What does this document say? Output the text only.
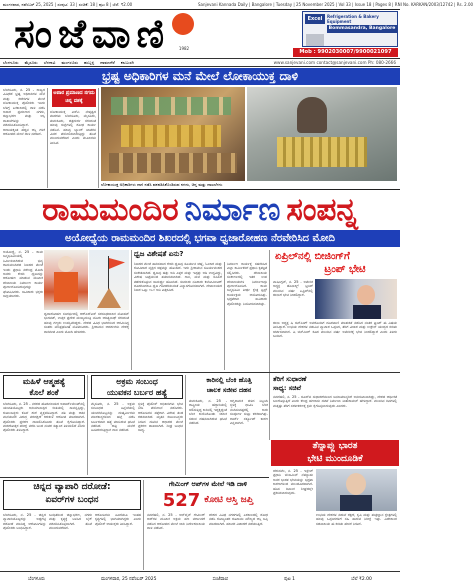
ಮಂಗಳವಾರ, ನವೆಂಬರ್ 25, 2025 | ಸಂಪುಟ: 33 | ಸಂಚಿಕೆ: 18 | ಪುಟ 8 | ಬೆಲೆ: ₹2.00	Sanjevani Kannada Daily | Bangalore | Tuesday | 25 November 2025 | Vol 33 | Issue 18 | Pages 8 | RNI No. KARKAN/2003/12742 | Rs. 2.00
ಸಂಜೆವಾಣಿ	1982
Excel	Refrigeration & Bakery Equipment
Bommasandra, Bangalore
Mob : 9902030007/9900021097
ಬೆಂಗಳೂರು ಮೈಸೂರು ಬೆಳಗಾವಿ ಮಂಗಳೂರು ಹುಬ್ಬಳ್ಳಿ ದಾವಣಗೆರೆ ಕಲಬುರಗಿ	www.sanjevani.com contact@sanjevani.com Ph: 080-2666
ಭ್ರಷ್ಟ ಅಧಿಕಾರಿಗಳ ಮನೆ ಮೇಲೆ ಲೋಕಾಯುಕ್ತ ದಾಳಿ
ಬೆಂಗಳೂರು, ನ. 25 - ರಾಜ್ಯದ ವಿವಿಧೆಡೆ ಭ್ರಷ್ಟ ಅಧಿಕಾರಿಗಳ ಮನೆ ಮತ್ತು ಕಚೇರಿಗಳ ಮೇಲೆ ಲೋಕಾಯುಕ್ತ ಪೊಲೀಸರು ಇಂದು ಬೆಳಿಗ್ಗೆ ಏಕಕಾಲದಲ್ಲಿ ದಾಳಿ ನಡೆಸಿ ಅಪಾರ ಪ್ರಮಾಣದ ನಗದು, ಚಿನ್ನಾಭರಣ ಮತ್ತು ಆಸ್ತಿ ದಾಖಲೆಗಳನ್ನು ವಶಪಡಿಸಿಕೊಂಡಿದ್ದಾರೆ. ಆದಾಯಕ್ಕಿಂತ ಹೆಚ್ಚಿನ ಆಸ್ತಿ ಗಳಿಕೆ ಆರೋಪದ ಮೇಲೆ ದಾಳಿ ನಡೆದಿದೆ.
ಅಪಾರ ಪ್ರಮಾಣದ ನಗದು
ಚಿನ್ನ ವಶಕ್ಕೆ
ಲೋಕಾಯುಕ್ತ ಎಸ್‌ಪಿ ನೇತೃತ್ವದ ತಂಡಗಳು ಬೆಂಗಳೂರು, ಮೈಸೂರು, ತುಮಕೂರು, ಚಿತ್ರದುರ್ಗ ಸೇರಿದಂತೆ ಹಲವು ಜಿಲ್ಲೆಗಳಲ್ಲಿ ಶೋಧ ಕಾರ್ಯ ನಡೆಸಿವೆ. ಹಲವು ಬ್ಯಾಂಕ್ ಖಾತೆಗಳ ವಿವರ ಪರಿಶೀಲಿಸಲಾಗುತ್ತಿದ್ದು ತನಿಖೆ ಮುಂದುವರೆದಿದೆ ಎಂದು ಮೂಲಗಳು ತಿಳಿಸಿವೆ.
ಲೋಕಾಯುಕ್ತ ಅಧಿಕಾರಿಗಳು ದಾಳಿ ನಡೆಸಿ ವಶಪಡಿಸಿಕೊಂಡಿರುವ ನಗದು, ಚಿನ್ನ ಮತ್ತು ದಾಖಲೆಗಳು
ರಾಮಮಂದಿರ ನಿರ್ಮಾಣ ಸಂಪನ್ನ
ಅಯೋಧ್ಯೆಯ ರಾಮಮಂದಿರ ಶಿಖರದಲ್ಲಿ ಭಗವಾ ಧ್ವಜಾರೋಹಣ ನೆರವೇರಿಸಿದ ಮೋದಿ
ಅಯೋಧ್ಯೆ, ನ. 25 - ರಾಮ ಜನ್ಮಭೂಮಿಯಲ್ಲಿ ನಿರ್ಮಿಸಲಾಗಿರುವ ಭವ್ಯ ರಾಮಮಂದಿರದ ಶಿಖರದ ಮೇಲೆ ಇಂದು ಪ್ರಧಾನಿ ನರೇಂದ್ರ ಮೋದಿ ಅವರು ಕೇಸರಿ ಧ್ವಜವನ್ನು ಆರೋಹಣ ಮಾಡುವ ಮೂಲಕ ದೇವಾಲಯ ನಿರ್ಮಾಣ ಕಾರ್ಯ ಪೂರ್ಣಗೊಂಡಿರುವುದನ್ನು ಘೋಷಿಸಿದರು. ಸಾವಿರಾರು ಭಕ್ತರು ಸಾಕ್ಷಿಯಾದರು.
ಧ್ವಜಾರೋಹಣ ಸಂದರ್ಭದಲ್ಲಿ ಆರ್‌ಎಸ್‌ಎಸ್ ಸರಸಂಘಚಾಲಕ ಮೋಹನ್ ಭಾಗವತ್, ಉತ್ತರ ಪ್ರದೇಶ ಮುಖ್ಯಮಂತ್ರಿ ಯೋಗಿ ಆದಿತ್ಯನಾಥ್ ಸೇರಿದಂತೆ ಹಲವು ಗಣ್ಯರು ಉಪಸ್ಥಿತರಿದ್ದರು. ದೇಶದ ವಿವಿಧ ಭಾಗಗಳಿಂದ ಆಗಮಿಸಿದ್ದ ಸಂತರು ಮಂತ್ರಘೋಷ ಮೊಳಗಿಸಿದರು. ಶ್ರೀರಾಮನ ಆದರ್ಶಗಳು ದೇಶಕ್ಕೆ ದಾರಿದೀಪ ಎಂದು ಮೋದಿ ಹೇಳಿದರು.
ಧ್ವಜ ವಿಶೇಷತೆ ಏನು?
ಶಿಖರದ ಮೇಲೆ ಹಾರಿಸಲಾದ ಕೇಸರಿ ಧ್ವಜವು ಸೂರ್ಯನ ಚಿಹ್ನೆ, ಓಂಕಾರ ಮತ್ತು ಕೋವಿದಾರ ವೃಕ್ಷದ ಚಿತ್ರವನ್ನು ಹೊಂದಿದೆ. ಇದು ಶ್ರೀರಾಮನ ಸೂರ್ಯವಂಶದ ಸಂಕೇತವಾಗಿದೆ. ಧ್ವಜವು ಹತ್ತು ಅಡಿ ಎತ್ತರ ಮತ್ತು ಇಪ್ಪತ್ತು ಅಡಿ ಉದ್ದವಿದ್ದು, ವಿಶೇಷ ಬಟ್ಟೆಯಿಂದ ತಯಾರಿಸಲಾಗಿದೆ. ಗಾಳಿ, ಮಳೆ ಮತ್ತು ಬಿಸಿಲಿಗೆ ತಡೆದುಕೊಳ್ಳುವ ಸಾಮರ್ಥ್ಯ ಹೊಂದಿದೆ. ಸುಮಾರು ನೂರಾರು ಕಿಲೋಮೀಟರ್ ದೂರದಿಂದಲೂ ಧ್ವಜ ಗೋಚರಿಸುವಂತೆ ವಿನ್ಯಾಸಗೊಳಿಸಲಾಗಿದೆ. ದೇವಾಲಯದ ಶಿಖರ ಒಟ್ಟು ೧೬೧ ಅಡಿ ಎತ್ತರವಿದೆ.
ನಿರ್ಮಾಣ ಕಾರ್ಯಕ್ಕೆ ಸಹಕರಿಸಿದ ಎಲ್ಲಾ ಕಾರ್ಮಿಕರಿಗೆ ಪ್ರಧಾನಿ ಕೃತಜ್ಞತೆ ಸಲ್ಲಿಸಿದರು. ದೇವಾಲಯ ಸಂಕೀರ್ಣದಲ್ಲಿ ಇತರ ಉಪ ದೇವಾಲಯಗಳ ನಿರ್ಮಾಣವೂ ಪೂರ್ಣಗೊಂಡಿದೆ. ರಾಮ ಜನ್ಮಭೂಮಿ ತೀರ್ಥ ಕ್ಷೇತ್ರ ಟ್ರಸ್ಟ್ ಕಾರ್ಯಕ್ರಮ ಆಯೋಜಿಸಿತ್ತು. ಭದ್ರತೆಗಾಗಿ ಸಾವಿರಾರು ಪೊಲೀಸರನ್ನು ನಿಯೋಜಿಸಲಾಗಿತ್ತು.
ಏಪ್ರಿಲ್‌ನಲ್ಲಿ ಬೀಜಿಂಗ್‌ಗೆ
ಟ್ರಂಪ್ ಭೇಟಿ
ವಾಷಿಂಗ್ಟನ್, ನ. 25 - ಅಮೆರಿಕ ಅಧ್ಯಕ್ಷ ಡೊನಾಲ್ಡ್ ಟ್ರಂಪ್ ಮುಂದಿನ ವರ್ಷ ಏಪ್ರಿಲ್‌ನಲ್ಲಿ ಚೀನಾಗೆ ಭೇಟಿ ನೀಡಲಿದ್ದಾರೆ.
ಚೀನಾ ಅಧ್ಯಕ್ಷ ಷಿ ಜಿನ್‌ಪಿಂಗ್ ಅವರೊಂದಿಗೆ ದೂರವಾಣಿ ಮಾತುಕತೆ ನಡೆಸಿದ ನಂತರ ಟ್ರಂಪ್ ಈ ವಿಷಯ ತಿಳಿಸಿದ್ದಾರೆ. ಉಭಯ ದೇಶಗಳ ನಡುವಿನ ವ್ಯಾಪಾರ ಒಪ್ಪಂದ, ತೆರಿಗೆ ವಿಚಾರ ಮತ್ತು ಉಕ್ರೇನ್ ಯುದ್ಧದ ಕುರಿತು ಚರ್ಚಿಸಲಾಗಿದೆ. ಷಿ ಜಿನ್‌ಪಿಂಗ್ ಕೂಡ ಮುಂದಿನ ವರ್ಷ ಅಮೆರಿಕಕ್ಕೆ ಭೇಟಿ ನೀಡಲಿದ್ದಾರೆ ಎಂದು ತಿಳಿದು ಬಂದಿದೆ.
ಮಹಿಳೆ ಆತ್ಮಹತ್ಯೆ
ಕೊಲೆ ಶಂಕೆ
ಬೆಂಗಳೂರು, ನ. 25 - ನಗರದ ಹೊರವಲಯದ ಅಪಾರ್ಟ್‌ಮೆಂಟ್‌ನಲ್ಲಿ ಯುವತಿಯೊಬ್ಬರು ಅನುಮಾನಾಸ್ಪದ ರೀತಿಯಲ್ಲಿ ಸಾವನ್ನಪ್ಪಿದ್ದು, ಕುಟುಂಬಸ್ಥರು ಕೊಲೆ ಶಂಕೆ ವ್ಯಕ್ತಪಡಿಸಿದ್ದಾರೆ. ಪತಿ ಮತ್ತು ಆತನ ಮನೆಯವರ ವಿರುದ್ಧ ವರದಕ್ಷಿಣೆ ಕಿರುಕುಳ ಆರೋಪ ಮಾಡಲಾಗಿದೆ. ಪೊಲೀಸರು ಪ್ರಕರಣ ದಾಖಲಿಸಿಕೊಂಡು ತನಿಖೆ ಕೈಗೊಂಡಿದ್ದಾರೆ. ಮರಣೋತ್ತರ ಪರೀಕ್ಷೆ ವರದಿ ಬಂದ ನಂತರ ಸತ್ಯಾಂಶ ತಿಳಿಯಲಿದೆ ಎಂದು ಪೊಲೀಸರು ತಿಳಿಸಿದ್ದಾರೆ.
ಅಕ್ರಮ ಸಂಬಂಧ
ಯುವಕನ ಬರ್ಬರ ಹತ್ಯೆ
ಮೈಸೂರು, ನ. 25 - ಅಕ್ರಮ ಸಂಬಂಧದ ಹಿನ್ನೆಲೆಯಲ್ಲಿ ಯುವಕನೊಬ್ಬನನ್ನು ದುಷ್ಕರ್ಮಿಗಳು ಮಾರಕಾಸ್ತ್ರಗಳಿಂದ ಹಲ್ಲೆ ನಡೆಸಿ ಬರ್ಬರವಾಗಿ ಹತ್ಯೆ ಮಾಡಿರುವ ಘಟನೆ ನಡೆದಿದೆ. ರಾತ್ರಿ ಮನೆಗೆ ಹಿಂತಿರುಗುತ್ತಿದ್ದಾಗ ದಾಳಿ ನಡೆದಿದೆ.
ಸ್ಥಳಕ್ಕೆ ಪೊಲೀಸ್ ಅಧಿಕಾರಿಗಳು ಭೇಟಿ ನೀಡಿ ಪರಿಶೀಲನೆ ನಡೆಸಿದರು. ಆರೋಪಿಗಳ ಪತ್ತೆಗಾಗಿ ವಿಶೇಷ ತಂಡ ರಚಿಸಲಾಗಿದೆ. ಮೃತನ ಕುಟುಂಬಸ್ಥರು ನೀಡಿದ ದೂರಿನ ಆಧಾರದ ಮೇಲೆ ಪ್ರಕರಣ ದಾಖಲಾಗಿದೆ. ಶೀಘ್ರ ಬಂಧನ ಸಾಧ್ಯ.
ಕಾರಿನಲ್ಲಿ ಬೆಂಕಿ ಹೊತ್ತಿ
ಚಾಲಕ ಸಜೀವ ದಹನ
ತುಮಕೂರು, ನ. 25 - ರಾಷ್ಟ್ರೀಯ ಹೆದ್ದಾರಿಯಲ್ಲಿ ಚಲಿಸುತ್ತಿದ್ದ ಕಾರಿನಲ್ಲಿ ಇದ್ದಕ್ಕಿದ್ದಂತೆ ಬೆಂಕಿ ಕಾಣಿಸಿಕೊಂಡು ಚಾಲಕ ಸಜೀವ ದಹನವಾಗಿರುವ ಘಟನೆ ನಡೆದಿದೆ.
ಅಗ್ನಿಶಾಮಕ ದಳದ ಸಿಬ್ಬಂದಿ ಸ್ಥಳಕ್ಕೆ ಧಾವಿಸಿ ಬೆಂಕಿ ನಂದಿಸುವಷ್ಟರಲ್ಲಿ ಕಾರು ಸಂಪೂರ್ಣ ಸುಟ್ಟು ಕರಕಲಾಗಿತ್ತು. ಶಾರ್ಟ್ ಸರ್ಕ್ಯೂಟ್ ಕಾರಣ ಎನ್ನಲಾಗಿದೆ.
ತೆರಿಗೆ ಸುಧಾರಣೆ
ಸಾಧ್ಯ: ಸಚಿವೆ
ನವದೆಹಲಿ, ನ. 25 - ಜಿಎಸ್‌ಟಿ ಸುಧಾರಣೆಯಿಂದ ಜನಸಾಮಾನ್ಯರಿಗೆ ಅನುಕೂಲವಾಗಿದ್ದು, ದೇಶದ ಆರ್ಥಿಕತೆ ಬಲಗೊಳ್ಳುತ್ತಿದೆ ಎಂದು ಕೇಂದ್ರ ಹಣಕಾಸು ಸಚಿವೆ ನಿರ್ಮಲಾ ಸೀತಾರಾಮನ್ ಹೇಳಿದ್ದಾರೆ. ಮುಂದಿನ ದಿನಗಳಲ್ಲಿ ಮತ್ತಷ್ಟು ತೆರಿಗೆ ಸರಳೀಕರಣಕ್ಕೆ ಕ್ರಮ ಕೈಗೊಳ್ಳಲಾಗುವುದು ಎಂದರು.
ತೆನ್ನಾಪ್ಲು ಭಾರತ
ಭೇಟಿ ಮುಂದೂಡಿಕೆ
ಜೆರುಸಲೆಂ, ನ. 25 - ಇಸ್ರೇಲ್ ಪ್ರಧಾನಿ ಬೆಂಜಮಿನ್ ನೆತನ್ಯಾಹು ಅವರ ಭಾರತ ಭೇಟಿಯನ್ನು ಭದ್ರತಾ ಕಾರಣಗಳಿಂದ ಮುಂದೂಡಲಾಗಿದೆ. ಹೊಸ ದಿನಾಂಕ ಶೀಘ್ರದಲ್ಲೇ ಪ್ರಕಟಿಸಲಾಗುವುದು.
ಉಭಯ ದೇಶಗಳ ನಡುವೆ ರಕ್ಷಣೆ, ಕೃಷಿ ಮತ್ತು ತಂತ್ರಜ್ಞಾನ ಕ್ಷೇತ್ರಗಳಲ್ಲಿ ಹಲವು ಒಪ್ಪಂದಗಳಿಗೆ ಸಹಿ ಹಾಕುವ ನಿರೀಕ್ಷೆ ಇತ್ತು. ವಿದೇಶಾಂಗ ಸಚಿವಾಲಯ ಈ ಕುರಿತು ಹೇಳಿಕೆ ನೀಡಿದೆ.
ಚಿನ್ನದ ವ್ಯಾಪಾರಿ ದರೋಡೆ:
ಏವರ್‌ಗಳ ಬಂಧನ
ಬೆಂಗಳೂರು, ನ. 25 - ಚಿನ್ನದ ವ್ಯಾಪಾರಿಯೊಬ್ಬರನ್ನು ಅಡ್ಡಗಟ್ಟಿ ದರೋಡೆ ಮಾಡಿದ್ದ ಆರೋಪಿಗಳನ್ನು ಪೊಲೀಸರು ಬಂಧಿಸಿದ್ದಾರೆ.
ಬಂಧಿತರಿಂದ ಚಿನ್ನಾಭರಣ, ನಗದು ಮತ್ತು ಕೃತ್ಯಕ್ಕೆ ಬಳಸಿದ ಬೈಕ್ ವಶಪಡಿಸಿಕೊಳ್ಳಲಾಗಿದೆ. ತನಿಖೆ ಮುಂದುವರೆದಿದೆ.
ಆರೋಪಿಗಳು ಹಿಂದೆಯೂ ಇಂತಹ ಕೃತ್ಯಗಳಲ್ಲಿ ಭಾಗಿಯಾಗಿದ್ದರು ಎಂದು ಪೊಲೀಸ್ ಆಯುಕ್ತರು ತಿಳಿಸಿದ್ದಾರೆ.
ಗೇಮಿಂಗ್ ಆಪ್‌ಗಳ ಮೇಲೆ ಇಡಿ ದಾಳಿ
527 ಕೋಟಿ ಆಸ್ತಿ ಜಪ್ತಿ
ನವದೆಹಲಿ, ನ. 25 - ಆನ್‌ಲೈನ್ ಗೇಮಿಂಗ್ ಆಪ್‌ಗಳ ಮೂಲಕ ಅಕ್ರಮ ಹಣ ವರ್ಗಾವಣೆ ನಡೆಸಿದ ಆರೋಪದ ಮೇಲೆ ಜಾರಿ ನಿರ್ದೇಶನಾಲಯ ದಾಳಿ ನಡೆಸಿದೆ.
ದೇಶದ ವಿವಿಧ ನಗರಗಳಲ್ಲಿ ಏಕಕಾಲದಲ್ಲಿ ಶೋಧ ನಡೆಸಿ ಕೋಟ್ಯಂತರ ರೂಪಾಯಿ ಮೌಲ್ಯದ ಆಸ್ತಿ ಜಪ್ತಿ ಮಾಡಲಾಗಿದೆ. ಹಲವರ ವಿಚಾರಣೆ ನಡೆಯುತ್ತಿದೆ.
ಬೆಂಗಳೂರು	ಮಂಗಳವಾರ, 25 ನವೆಂಬರ್ 2025	ಸಂಜೆವಾಣಿ	ಪುಟ 1	ಬೆಲೆ ₹2.00
